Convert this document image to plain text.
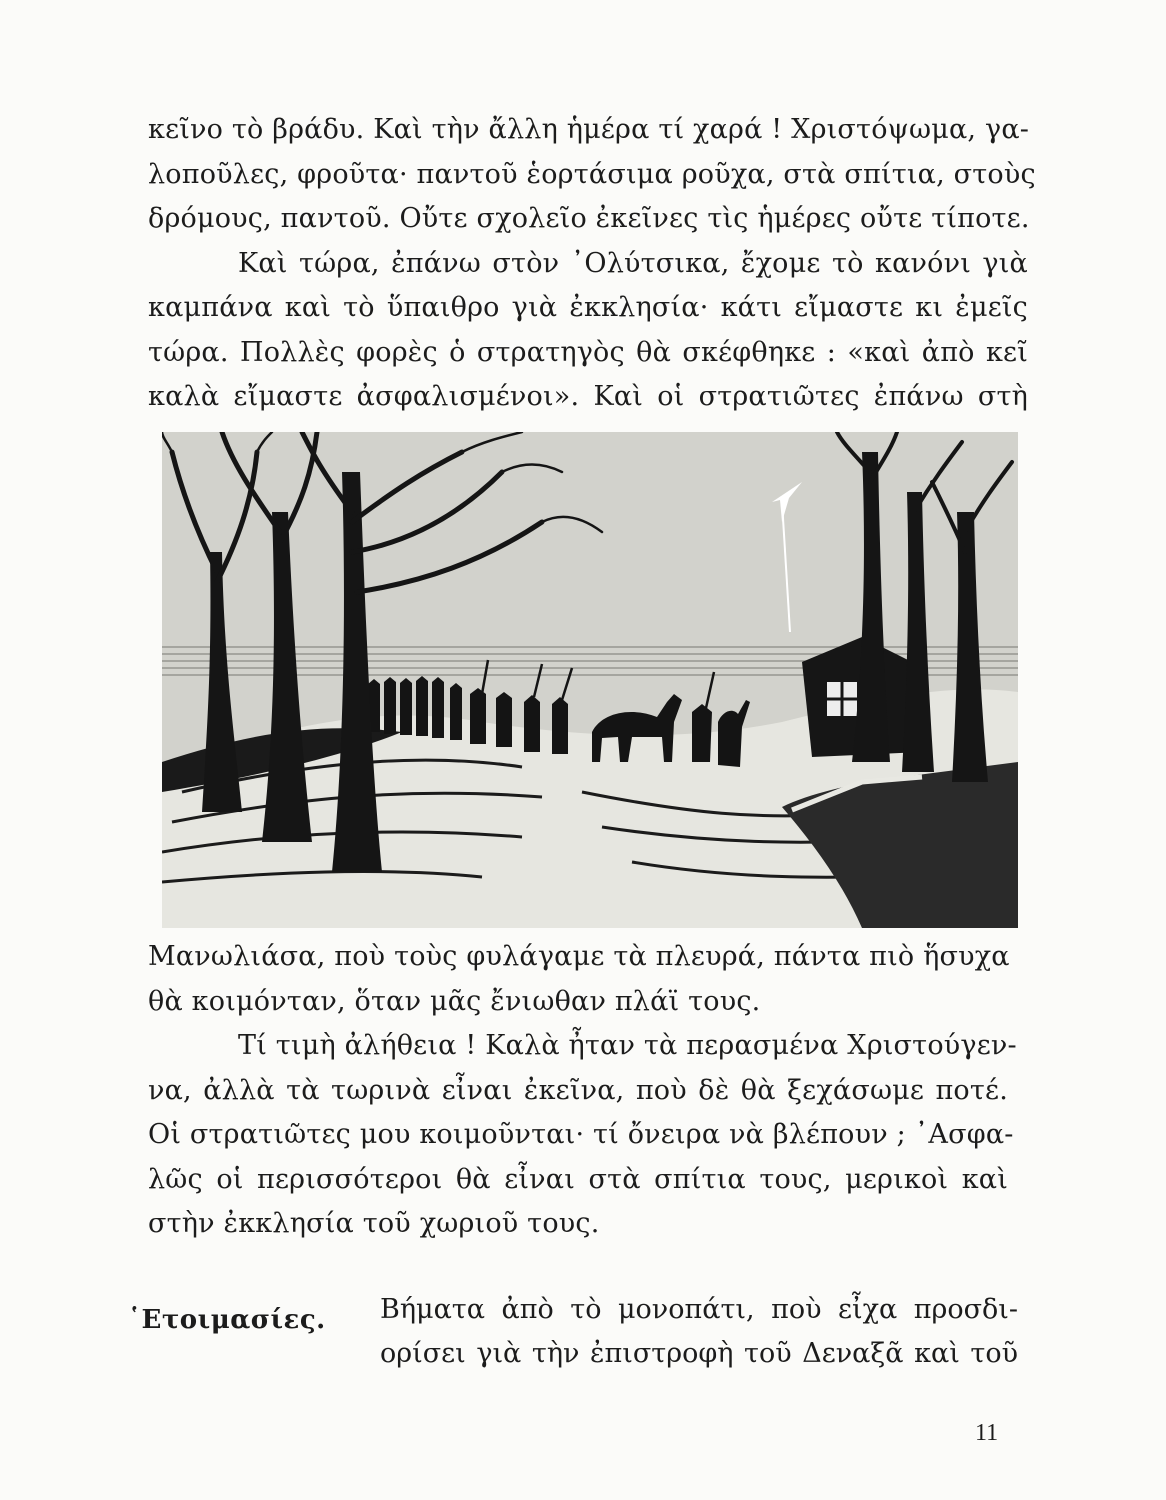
κεῖνο τὸ βράδυ. Καὶ τὴν ἄλλη ἡμέρα τί χαρά ! Χριστόψωμα, γα-
λοποῦλες, φροῦτα· παντοῦ ἑορτάσιμα ροῦχα, στὰ σπίτια, στοὺς
δρόμους, παντοῦ. Οὔτε σχολεῖο ἐκεῖνες τὶς ἡμέρες οὔτε τίποτε.
Καὶ τώρα, ἐπάνω στὸν ᾿Ολύτσικα, ἔχομε τὸ κανόνι γιὰ
καμπάνα καὶ τὸ ὕπαιθρο γιὰ ἐκκλησία· κάτι εἴμαστε κι ἐμεῖς
τώρα. Πολλὲς φορὲς ὁ στρατηγὸς θὰ σκέφθηκε : «καὶ ἀπὸ κεῖ
καλὰ εἴμαστε ἀσφαλισμένοι». Καὶ οἱ στρατιῶτες ἐπάνω στὴ
Μανωλιάσα, ποὺ τοὺς φυλάγαμε τὰ πλευρά, πάντα πιὸ ἥσυχα
θὰ κοιμόνταν, ὅταν μᾶς ἔνιωθαν πλάϊ τους.
Τί τιμὴ ἀλήθεια ! Καλὰ ἦταν τὰ περασμένα Χριστούγεν-
να, ἀλλὰ τὰ τωρινὰ εἶναι ἐκεῖνα, ποὺ δὲ θὰ ξεχάσωμε ποτέ.
Οἱ στρατιῶτες μου κοιμοῦνται· τί ὄνειρα νὰ βλέπουν ; ᾿Ασφα-
λῶς οἱ περισσότεροι θὰ εἶναι στὰ σπίτια τους, μερικοὶ καὶ
στὴν ἐκκλησία τοῦ χωριοῦ τους.
῾Ετοιμασίες. Βήματα ἀπὸ τὸ μονοπάτι, ποὺ εἶχα προσδι-
ορίσει γιὰ τὴν ἐπιστροφὴ τοῦ Δεναξᾶ καὶ τοῦ
11
